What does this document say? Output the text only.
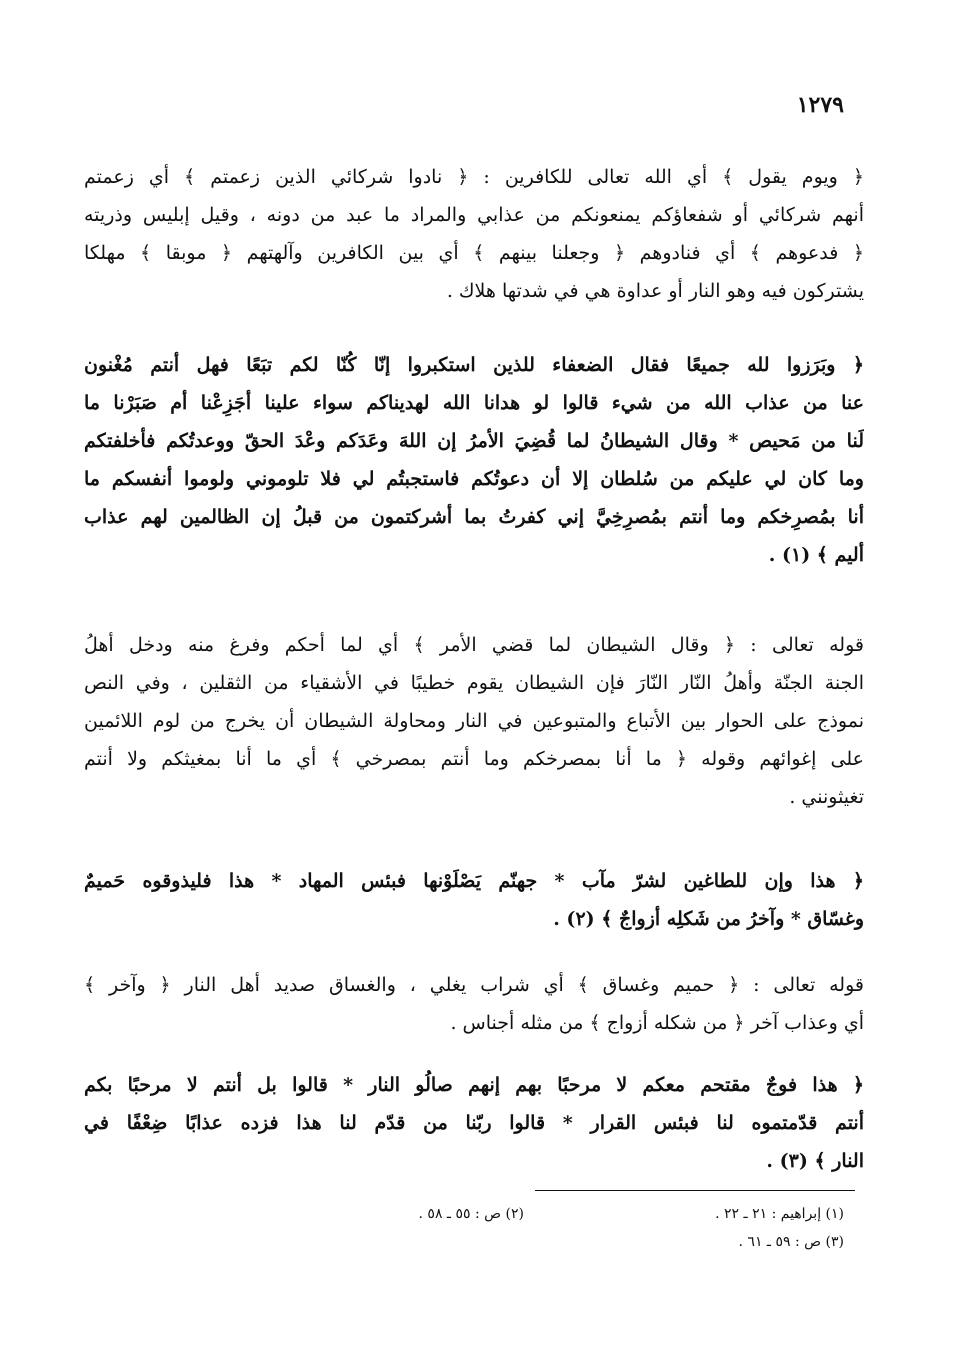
١٢٧٩
﴿ ويوم يقول ﴾ أي الله تعالى للكافرين : ﴿ نادوا شركائي الذين زعمتم ﴾ أي زعمتم
أنهم شركائي أو شفعاؤكم يمنعونكم من عذابي والمراد ما عبد من دونه ، وقيل إبليس وذريته
﴿ فدعوهم ﴾ أي فنادوهم ﴿ وجعلنا بينهم ﴾ أي بين الكافرين وآلهتهم ﴿ موبقا ﴾ مهلكا
يشتركون فيه وهو النار أو عداوة هي في شدتها هلاك .
﴿ وبَرَزوا لله جميعًا فقال الضعفاء للذين استكبروا إنّا كُنّا لكم تبَعًا فهل أنتم مُغْنون
عنا من عذاب الله من شيء قالوا لو هدانا الله لهديناكم سواء علينا أجَزِعْنا أم صَبَرْنا ما
لَنا من مَحيص * وقال الشيطانُ لما قُضِيَ الأمرُ إن اللهَ وعَدَكم وعْدَ الحقّ ووعدتُكم فأخلفتكم
وما كان لي عليكم من سُلطان إلا أن دعوتُكم فاستجبتُم لي فلا تلوموني ولوموا أنفسكم ما
أنا بمُصرِخكم وما أنتم بمُصرِخِيَّ إني كفرتُ بما أشركتمون من قبلُ إن الظالمين لهم عذاب
أليم ﴾ (١) .
قوله تعالى : ﴿ وقال الشيطان لما قضي الأمر ﴾ أي لما أحكم وفرغ منه ودخل أهلُ
الجنة الجنّة وأهلُ النّار النّارَ فإن الشيطان يقوم خطيبًا في الأشقياء من الثقلين ، وفي النص
نموذج على الحوار بين الأتباع والمتبوعين في النار ومحاولة الشيطان أن يخرج من لوم اللائمين
على إغوائهم وقوله ﴿ ما أنا بمصرخكم وما أنتم بمصرخي ﴾ أي ما أنا بمغيثكم ولا أنتم
تغيثونني .
﴿ هذا وإن للطاغين لشرّ مآب * جهنّم يَصْلَوْنها فبئس المهاد * هذا فليذوقوه حَميمٌ
وغسّاق * وآخرُ من شَكلِه أزواجٌ ﴾ (٢) .
قوله تعالى : ﴿ حميم وغساق ﴾ أي شراب يغلي ، والغساق صديد أهل النار ﴿ وآخر ﴾
أي وعذاب آخر ﴿ من شكله أزواج ﴾ من مثله أجناس .
﴿ هذا فوجٌ مقتحم معكم لا مرحبًا بهم إنهم صالُو النار * قالوا بل أنتم لا مرحبًا بكم
أنتم قدّمتموه لنا فبئس القرار * قالوا ربّنا من قدّم لنا هذا فزده عذابًا ضِعْفًا في
النار ﴾ (٣) .
(١) إبراهيم : ٢١ ـ ٢٢ .(٢) ص : ٥٥ ـ ٥٨ .
(٣) ص : ٥٩ ـ ٦١ .
